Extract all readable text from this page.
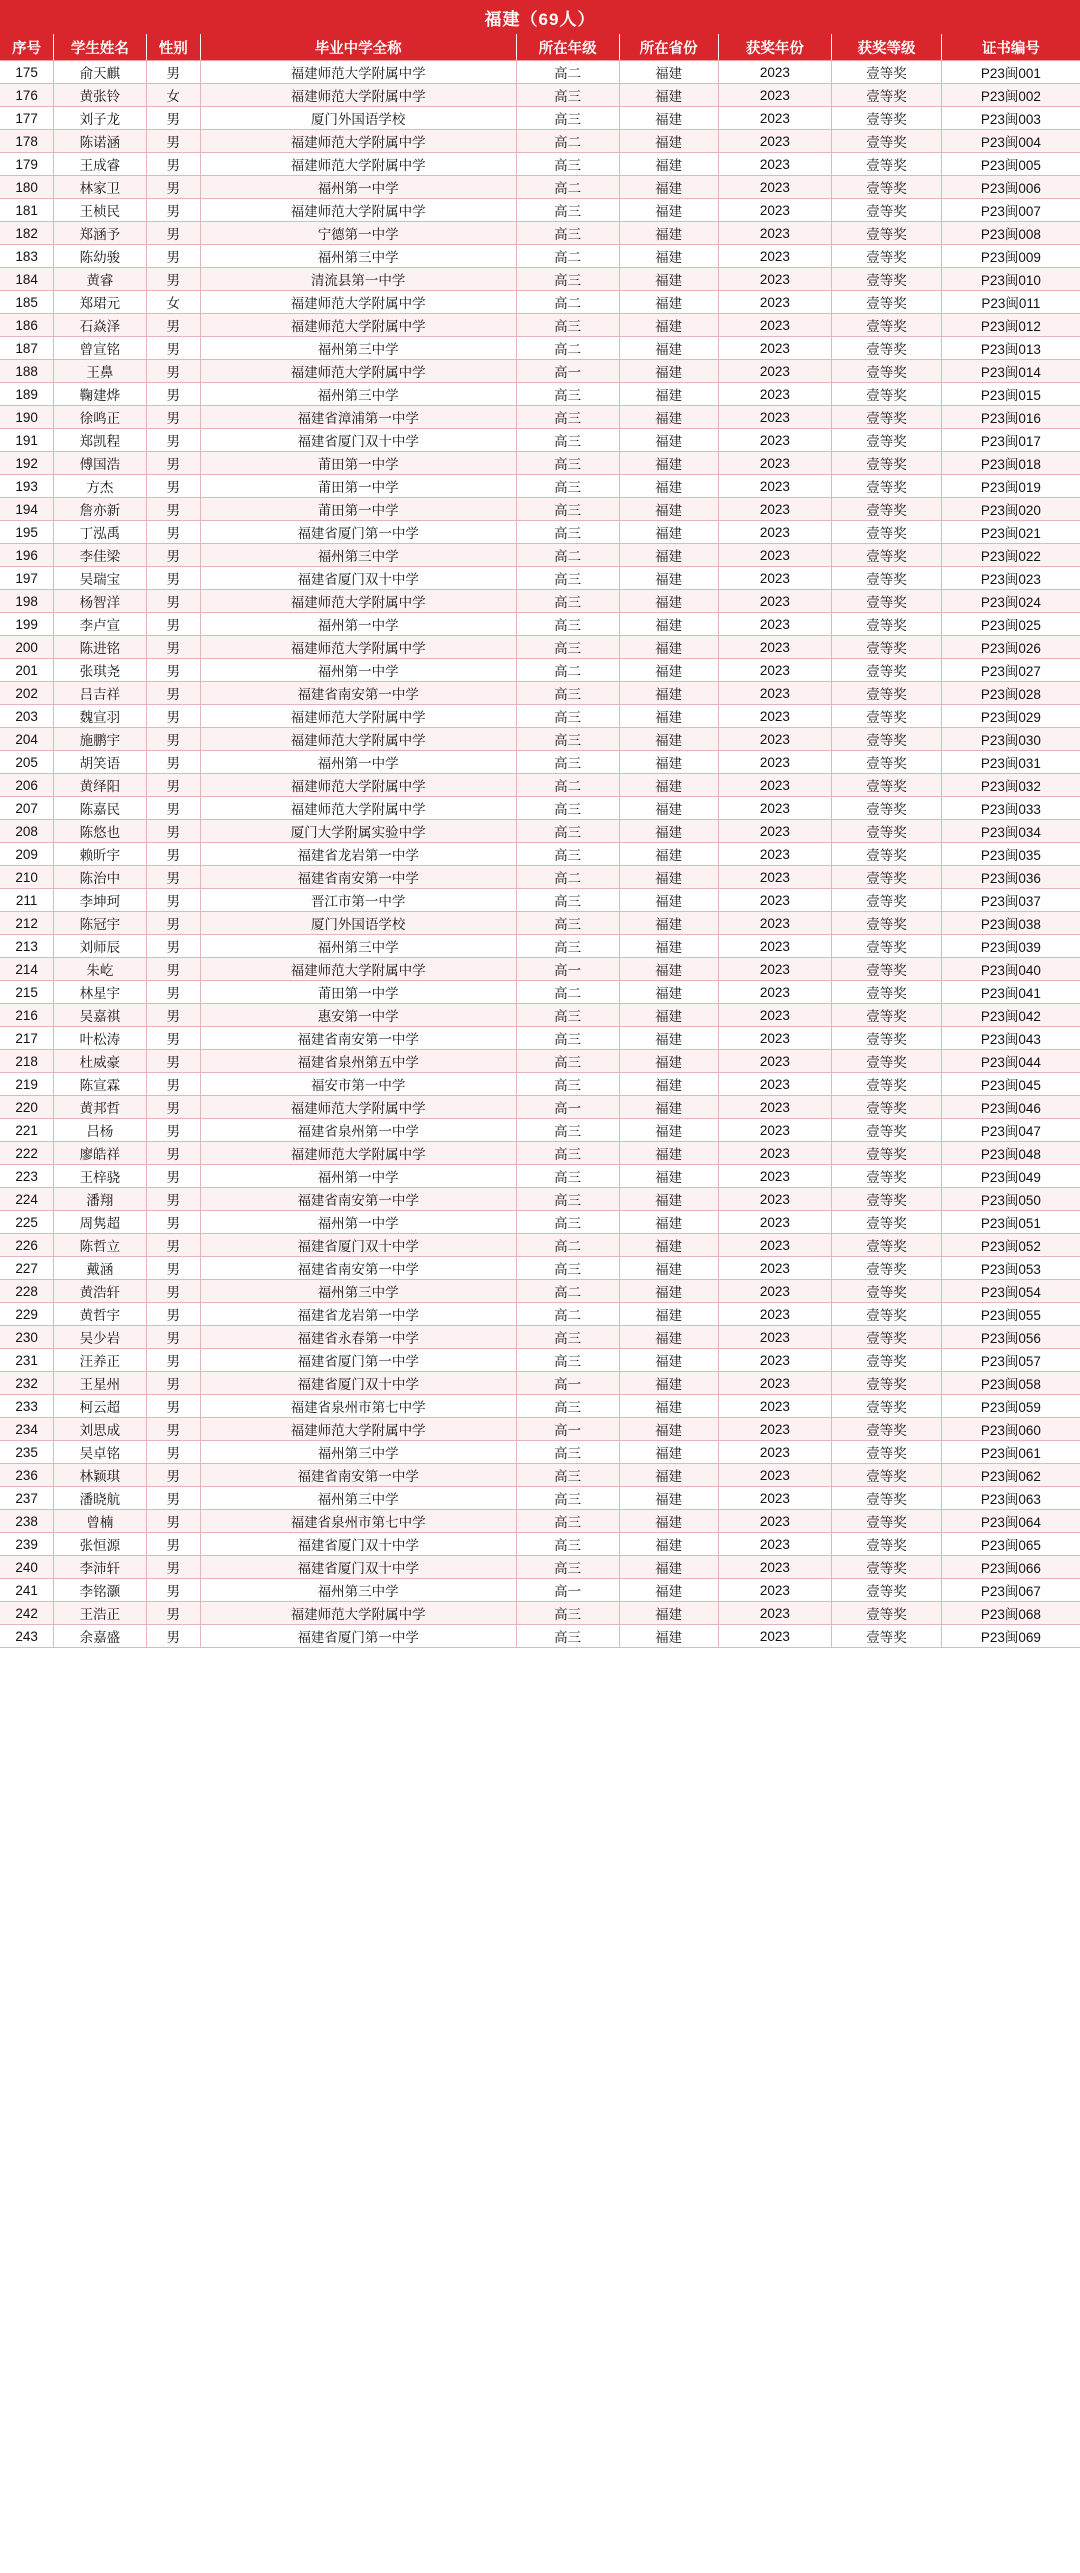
福建（69人）
序号	学生姓名	性别	毕业中学全称	所在年级	所在省份	获奖年份	获奖等级	证书编号
175	俞天麒	男	福建师范大学附属中学	高二	福建	2023	壹等奖	P23闽001
176	黄张铃	女	福建师范大学附属中学	高三	福建	2023	壹等奖	P23闽002
177	刘子龙	男	厦门外国语学校	高三	福建	2023	壹等奖	P23闽003
178	陈诺涵	男	福建师范大学附属中学	高二	福建	2023	壹等奖	P23闽004
179	王成睿	男	福建师范大学附属中学	高三	福建	2023	壹等奖	P23闽005
180	林家卫	男	福州第一中学	高二	福建	2023	壹等奖	P23闽006
181	王桢民	男	福建师范大学附属中学	高三	福建	2023	壹等奖	P23闽007
182	郑涵予	男	宁德第一中学	高三	福建	2023	壹等奖	P23闽008
183	陈幼骏	男	福州第三中学	高二	福建	2023	壹等奖	P23闽009
184	黄睿	男	清流县第一中学	高三	福建	2023	壹等奖	P23闽010
185	郑珺元	女	福建师范大学附属中学	高二	福建	2023	壹等奖	P23闽011
186	石焱泽	男	福建师范大学附属中学	高三	福建	2023	壹等奖	P23闽012
187	曾宣铭	男	福州第三中学	高二	福建	2023	壹等奖	P23闽013
188	王鼻	男	福建师范大学附属中学	高一	福建	2023	壹等奖	P23闽014
189	鞠建烨	男	福州第三中学	高三	福建	2023	壹等奖	P23闽015
190	徐鸣正	男	福建省漳浦第一中学	高三	福建	2023	壹等奖	P23闽016
191	郑凯程	男	福建省厦门双十中学	高三	福建	2023	壹等奖	P23闽017
192	傅国浩	男	莆田第一中学	高三	福建	2023	壹等奖	P23闽018
193	方杰	男	莆田第一中学	高三	福建	2023	壹等奖	P23闽019
194	詹亦新	男	莆田第一中学	高三	福建	2023	壹等奖	P23闽020
195	丁泓禹	男	福建省厦门第一中学	高三	福建	2023	壹等奖	P23闽021
196	李佳梁	男	福州第三中学	高二	福建	2023	壹等奖	P23闽022
197	吴瑞宝	男	福建省厦门双十中学	高三	福建	2023	壹等奖	P23闽023
198	杨智洋	男	福建师范大学附属中学	高三	福建	2023	壹等奖	P23闽024
199	李卢宣	男	福州第一中学	高三	福建	2023	壹等奖	P23闽025
200	陈进铭	男	福建师范大学附属中学	高三	福建	2023	壹等奖	P23闽026
201	张琪尧	男	福州第一中学	高二	福建	2023	壹等奖	P23闽027
202	吕吉祥	男	福建省南安第一中学	高三	福建	2023	壹等奖	P23闽028
203	魏宣羽	男	福建师范大学附属中学	高三	福建	2023	壹等奖	P23闽029
204	施鹏宇	男	福建师范大学附属中学	高三	福建	2023	壹等奖	P23闽030
205	胡笑语	男	福州第一中学	高三	福建	2023	壹等奖	P23闽031
206	黄绎阳	男	福建师范大学附属中学	高二	福建	2023	壹等奖	P23闽032
207	陈嘉民	男	福建师范大学附属中学	高三	福建	2023	壹等奖	P23闽033
208	陈悠也	男	厦门大学附属实验中学	高三	福建	2023	壹等奖	P23闽034
209	赖昕宇	男	福建省龙岩第一中学	高三	福建	2023	壹等奖	P23闽035
210	陈治中	男	福建省南安第一中学	高二	福建	2023	壹等奖	P23闽036
211	李坤珂	男	晋江市第一中学	高三	福建	2023	壹等奖	P23闽037
212	陈冠宇	男	厦门外国语学校	高三	福建	2023	壹等奖	P23闽038
213	刘师辰	男	福州第三中学	高三	福建	2023	壹等奖	P23闽039
214	朱屹	男	福建师范大学附属中学	高一	福建	2023	壹等奖	P23闽040
215	林星宇	男	莆田第一中学	高二	福建	2023	壹等奖	P23闽041
216	吴嘉祺	男	惠安第一中学	高三	福建	2023	壹等奖	P23闽042
217	叶松涛	男	福建省南安第一中学	高三	福建	2023	壹等奖	P23闽043
218	杜威豪	男	福建省泉州第五中学	高三	福建	2023	壹等奖	P23闽044
219	陈宣霖	男	福安市第一中学	高三	福建	2023	壹等奖	P23闽045
220	黄邦哲	男	福建师范大学附属中学	高一	福建	2023	壹等奖	P23闽046
221	吕杨	男	福建省泉州第一中学	高三	福建	2023	壹等奖	P23闽047
222	廖皓祥	男	福建师范大学附属中学	高三	福建	2023	壹等奖	P23闽048
223	王梓骁	男	福州第一中学	高三	福建	2023	壹等奖	P23闽049
224	潘翔	男	福建省南安第一中学	高三	福建	2023	壹等奖	P23闽050
225	周隽超	男	福州第一中学	高三	福建	2023	壹等奖	P23闽051
226	陈哲立	男	福建省厦门双十中学	高二	福建	2023	壹等奖	P23闽052
227	戴涵	男	福建省南安第一中学	高三	福建	2023	壹等奖	P23闽053
228	黄浩轩	男	福州第三中学	高二	福建	2023	壹等奖	P23闽054
229	黄哲宇	男	福建省龙岩第一中学	高二	福建	2023	壹等奖	P23闽055
230	吴少岩	男	福建省永春第一中学	高三	福建	2023	壹等奖	P23闽056
231	汪养正	男	福建省厦门第一中学	高三	福建	2023	壹等奖	P23闽057
232	王星州	男	福建省厦门双十中学	高一	福建	2023	壹等奖	P23闽058
233	柯云超	男	福建省泉州市第七中学	高三	福建	2023	壹等奖	P23闽059
234	刘思成	男	福建师范大学附属中学	高一	福建	2023	壹等奖	P23闽060
235	吴卓铭	男	福州第三中学	高三	福建	2023	壹等奖	P23闽061
236	林颖琪	男	福建省南安第一中学	高三	福建	2023	壹等奖	P23闽062
237	潘晓航	男	福州第三中学	高三	福建	2023	壹等奖	P23闽063
238	曾楠	男	福建省泉州市第七中学	高三	福建	2023	壹等奖	P23闽064
239	张恒源	男	福建省厦门双十中学	高三	福建	2023	壹等奖	P23闽065
240	李沛轩	男	福建省厦门双十中学	高三	福建	2023	壹等奖	P23闽066
241	李铭灏	男	福州第三中学	高一	福建	2023	壹等奖	P23闽067
242	王浩正	男	福建师范大学附属中学	高三	福建	2023	壹等奖	P23闽068
243	余嘉盛	男	福建省厦门第一中学	高三	福建	2023	壹等奖	P23闽069
